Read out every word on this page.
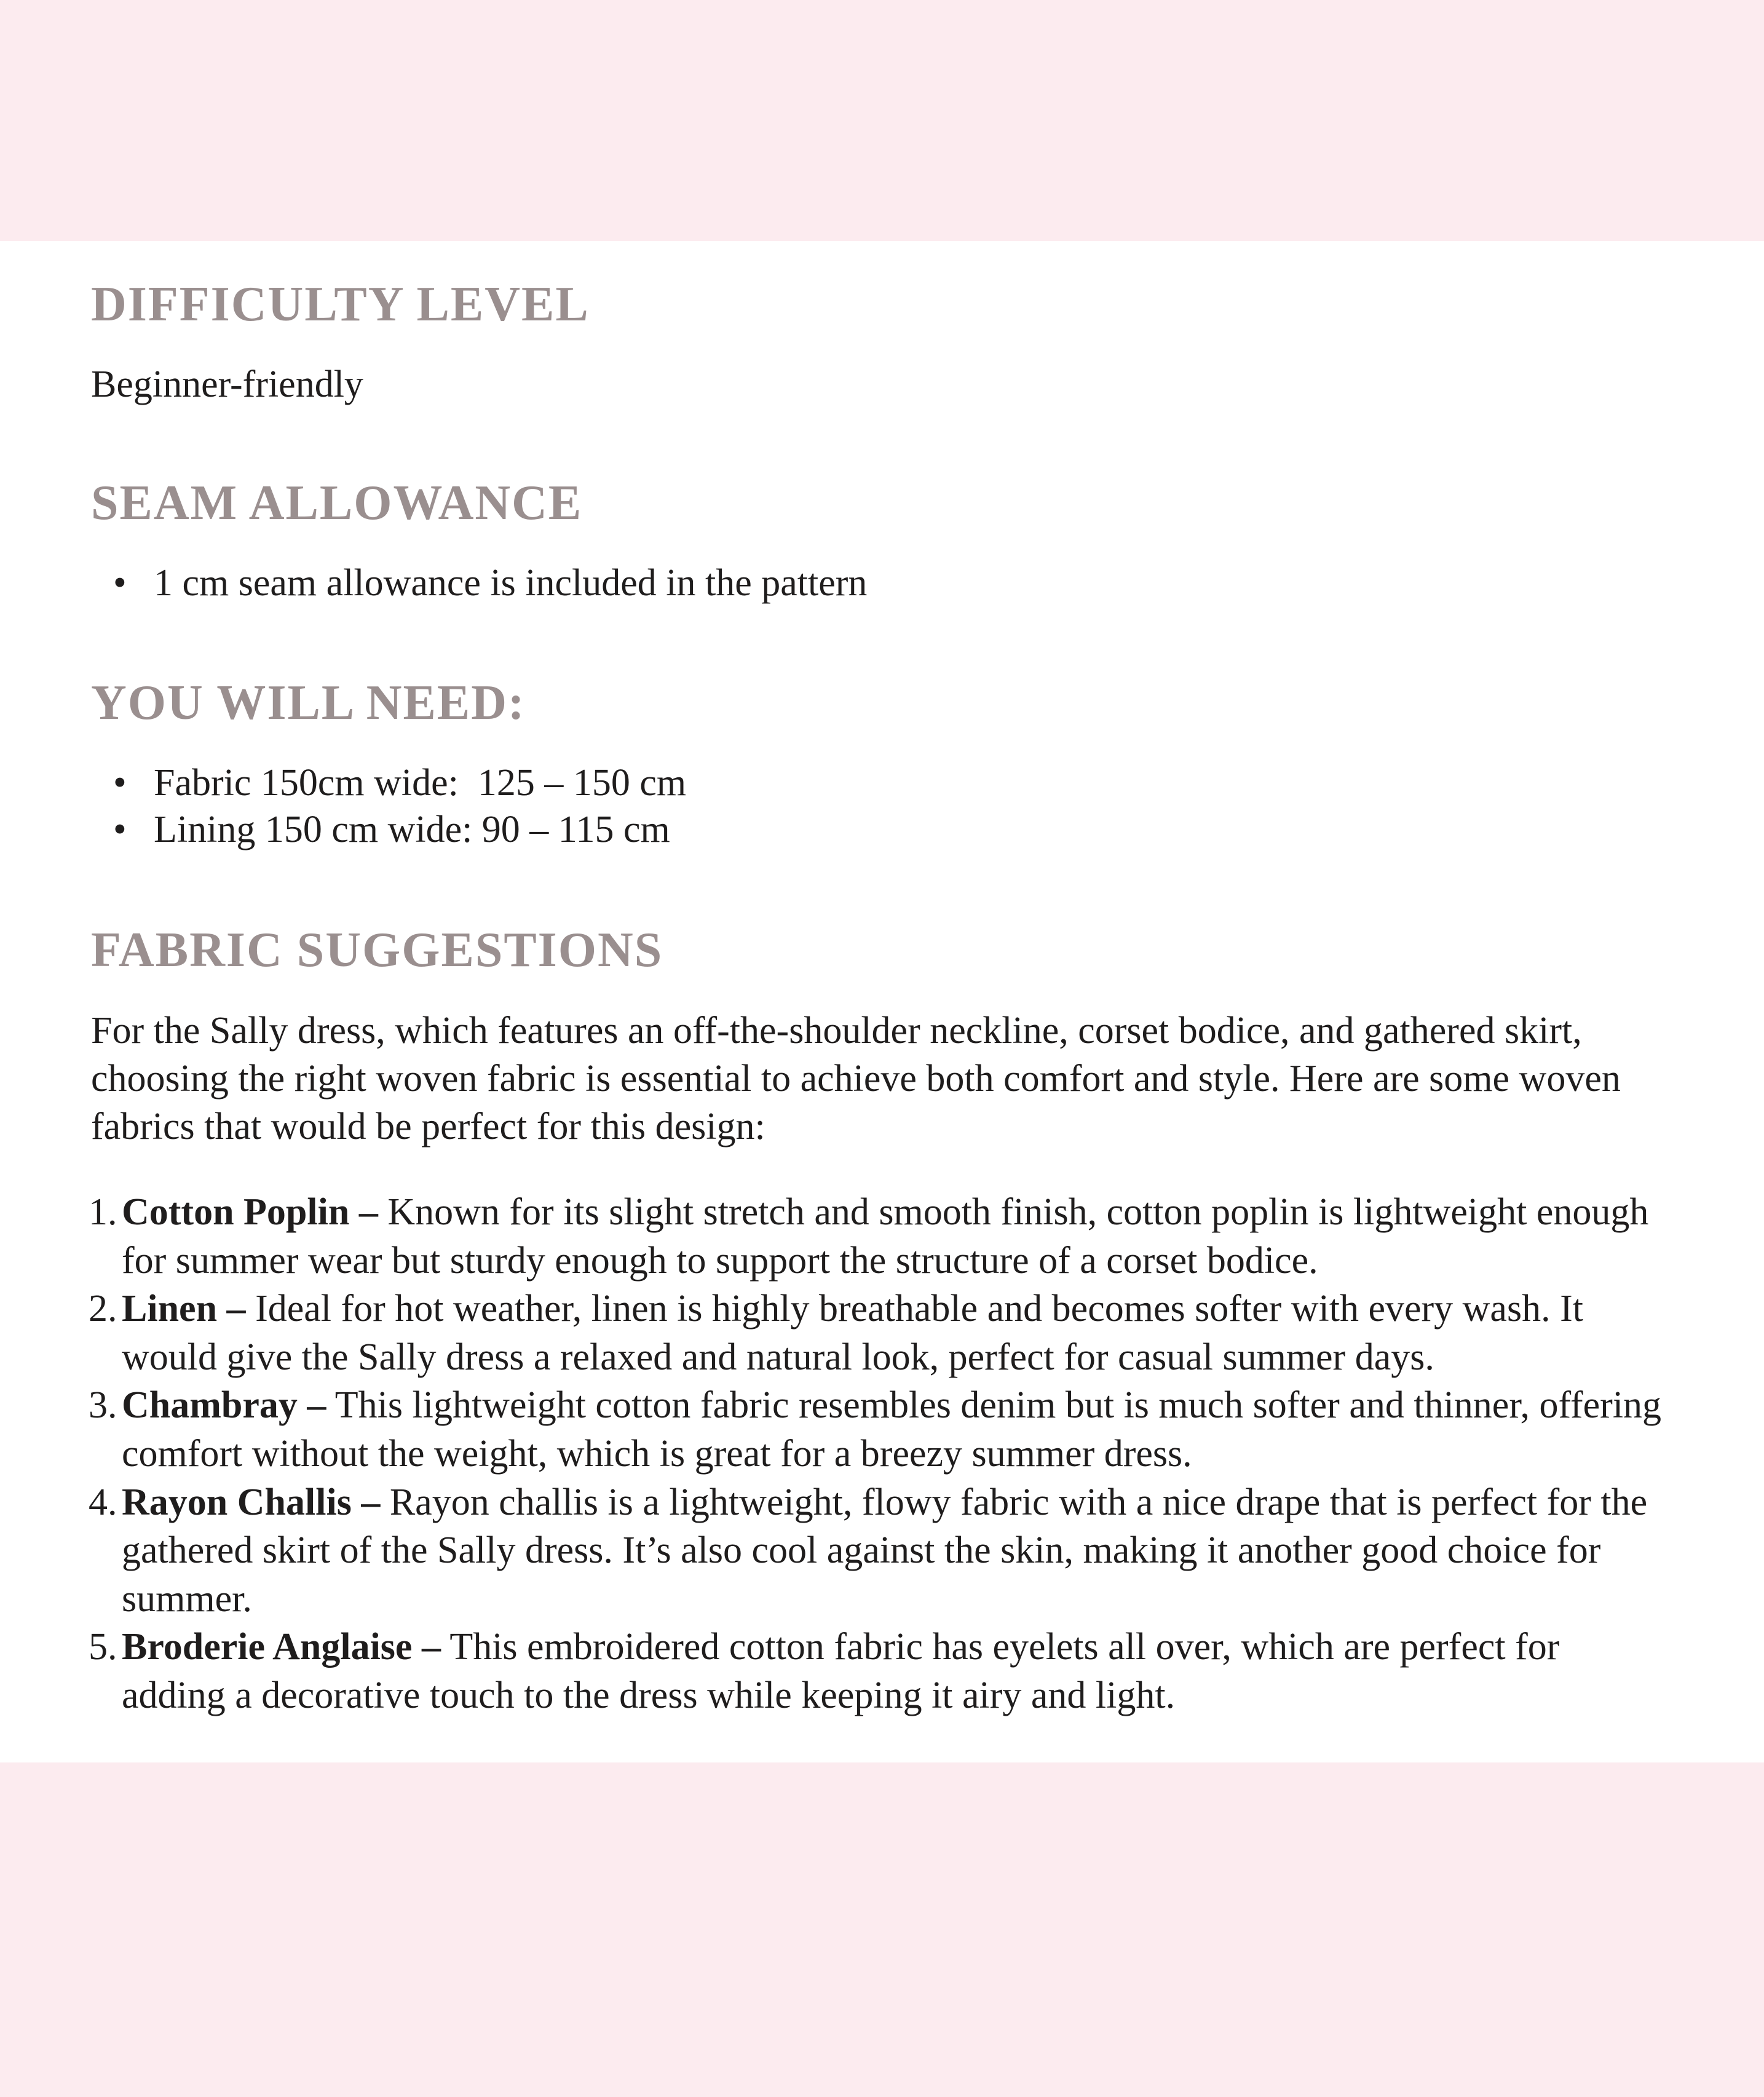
DIFFICULTY LEVEL

Beginner-friendly

SEAM ALLOWANCE
• 1 cm seam allowance is included in the pattern
YOU WILL NEED:
• Fabric 150cm wide:  125 – 150 cm
• Lining 150 cm wide: 90 – 115 cm
FABRIC SUGGESTIONS

For the Sally dress, which features an off-the-shoulder neckline, corset bodice, and gathered skirt, choosing the right woven fabric is essential to achieve both comfort and style. Here are some woven fabrics that would be perfect for this design:

1. Cotton Poplin – Known for its slight stretch and smooth finish, cotton poplin is lightweight enough for summer wear but sturdy enough to support the structure of a corset bodice.
2. Linen – Ideal for hot weather, linen is highly breathable and becomes softer with every wash. It would give the Sally dress a relaxed and natural look, perfect for casual summer days.
3. Chambray – This lightweight cotton fabric resembles denim but is much softer and thinner, offering comfort without the weight, which is great for a breezy summer dress.
4. Rayon Challis – Rayon challis is a lightweight, flowy fabric with a nice drape that is perfect for the gathered skirt of the Sally dress. It’s also cool against the skin, making it another good choice for summer.
5. Broderie Anglaise – This embroidered cotton fabric has eyelets all over, which are perfect for adding a decorative touch to the dress while keeping it airy and light.
